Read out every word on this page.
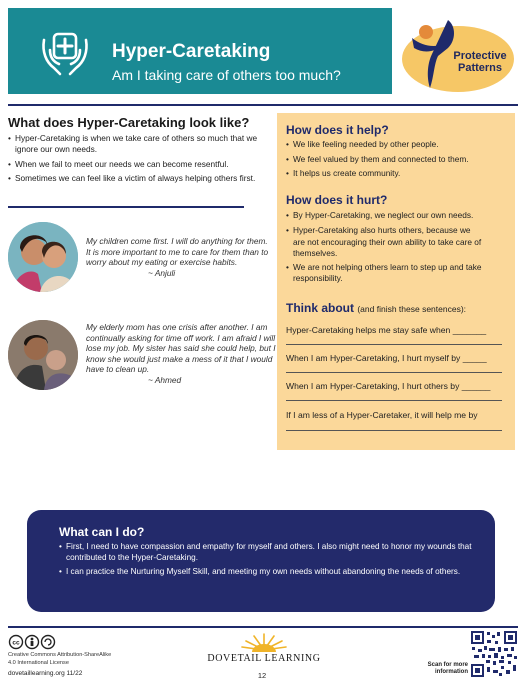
Hyper-Caretaking
Am I taking care of others too much?
Protective
Patterns
What does Hyper-Caretaking look like?
• Hyper-Caretaking is when we take care of others so much that we ignore our own needs.
• When we fail to meet our needs we can become resentful.
• Sometimes we can feel like a victim of always helping others first.
My children come first. I will do anything for them. It is more important to me to care for them than to worry about my eating or exercise habits.
~ Anjuli
My elderly mom has one crisis after another. I am continually asking for time off work. I am afraid I will lose my job. My sister has said she could help, but I know she would just make a mess of it that I would have to clean up.
~ Ahmed
How does it help?
• We like feeling needed by other people.
• We feel valued by them and connected to them.
• It helps us create community.
How does it hurt?
• By Hyper-Caretaking, we neglect our own needs.
• Hyper-Caretaking also hurts others, because we
are not encouraging their own ability to take care of themselves.
• We are not helping others learn to step up and take responsibility.
Think about (and finish these sentences):
Hyper-Caretaking helps me stay safe when _______
When I am Hyper-Caretaking, I hurt myself by _____
When I am Hyper-Caretaking, I hurt others by ______
If I am less of a Hyper-Caretaker, it will help me by
What can I do?
• First, I need to have compassion and empathy for myself and others. I also might need to honor my wounds that contributed to the Hyper-Caretaking.
• I can practice the Nurturing Myself Skill, and meeting my own needs without abandoning the needs of others.
cc
Creative Commons Attribution-ShareAlike
4.0 International License
dovetaillearning.org 11/22
DOVETAIL LEARNING
12
Scan for more
information
